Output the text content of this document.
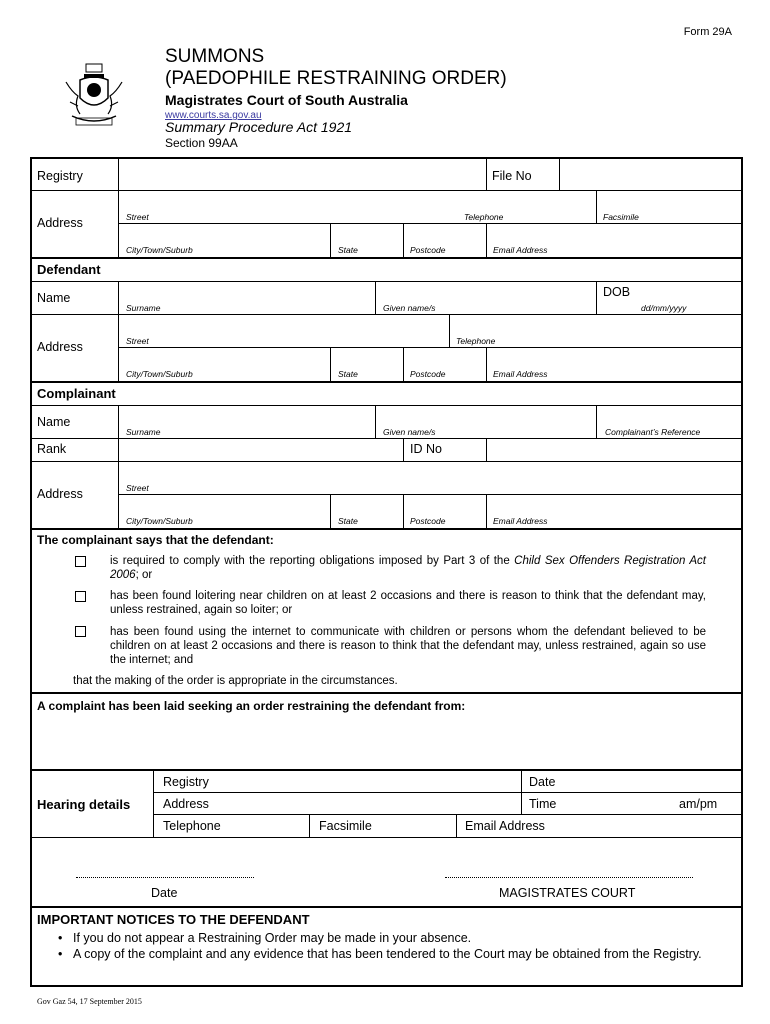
Form 29A
SUMMONS
(PAEDOPHILE RESTRAINING ORDER)
Magistrates Court of South Australia
www.courts.sa.gov.au
Summary Procedure Act 1921
Section 99AA
Registry	File No
Address	Street	Telephone	Facsimile
City/Town/Suburb	State	Postcode	Email Address
Defendant
Name	DOB
Surname	Given name/s	dd/mm/yyyy
Address	Street	Telephone
City/Town/Suburb	State	Postcode	Email Address
Complainant
Name
Surname	Given name/s	Complainant’s Reference
Rank	ID No
Address	Street
City/Town/Suburb	State	Postcode	Email Address
The complainant says that the defendant:
is required to comply with the reporting obligations imposed by Part 3 of the Child Sex Offenders Registration Act 2006; or
has been found loitering near children on at least 2 occasions and there is reason to think that the defendant may, unless restrained, again so loiter; or
has been found using the internet to communicate with children or persons whom the defendant believed to be children on at least 2 occasions and there is reason to think that the defendant may, unless restrained, again so use the internet; and
that the making of the order is appropriate in the circumstances.
A complaint has been laid seeking an order restraining the defendant from:
Hearing details
Registry	Date
Address	Time	am/pm
Telephone	Facsimile	Email Address
Date	MAGISTRATES COURT
IMPORTANT NOTICES TO THE DEFENDANT
• If you do not appear a Restraining Order may be made in your absence.
• A copy of the complaint and any evidence that has been tendered to the Court may be obtained from the Registry.
Gov Gaz 54, 17 September 2015
